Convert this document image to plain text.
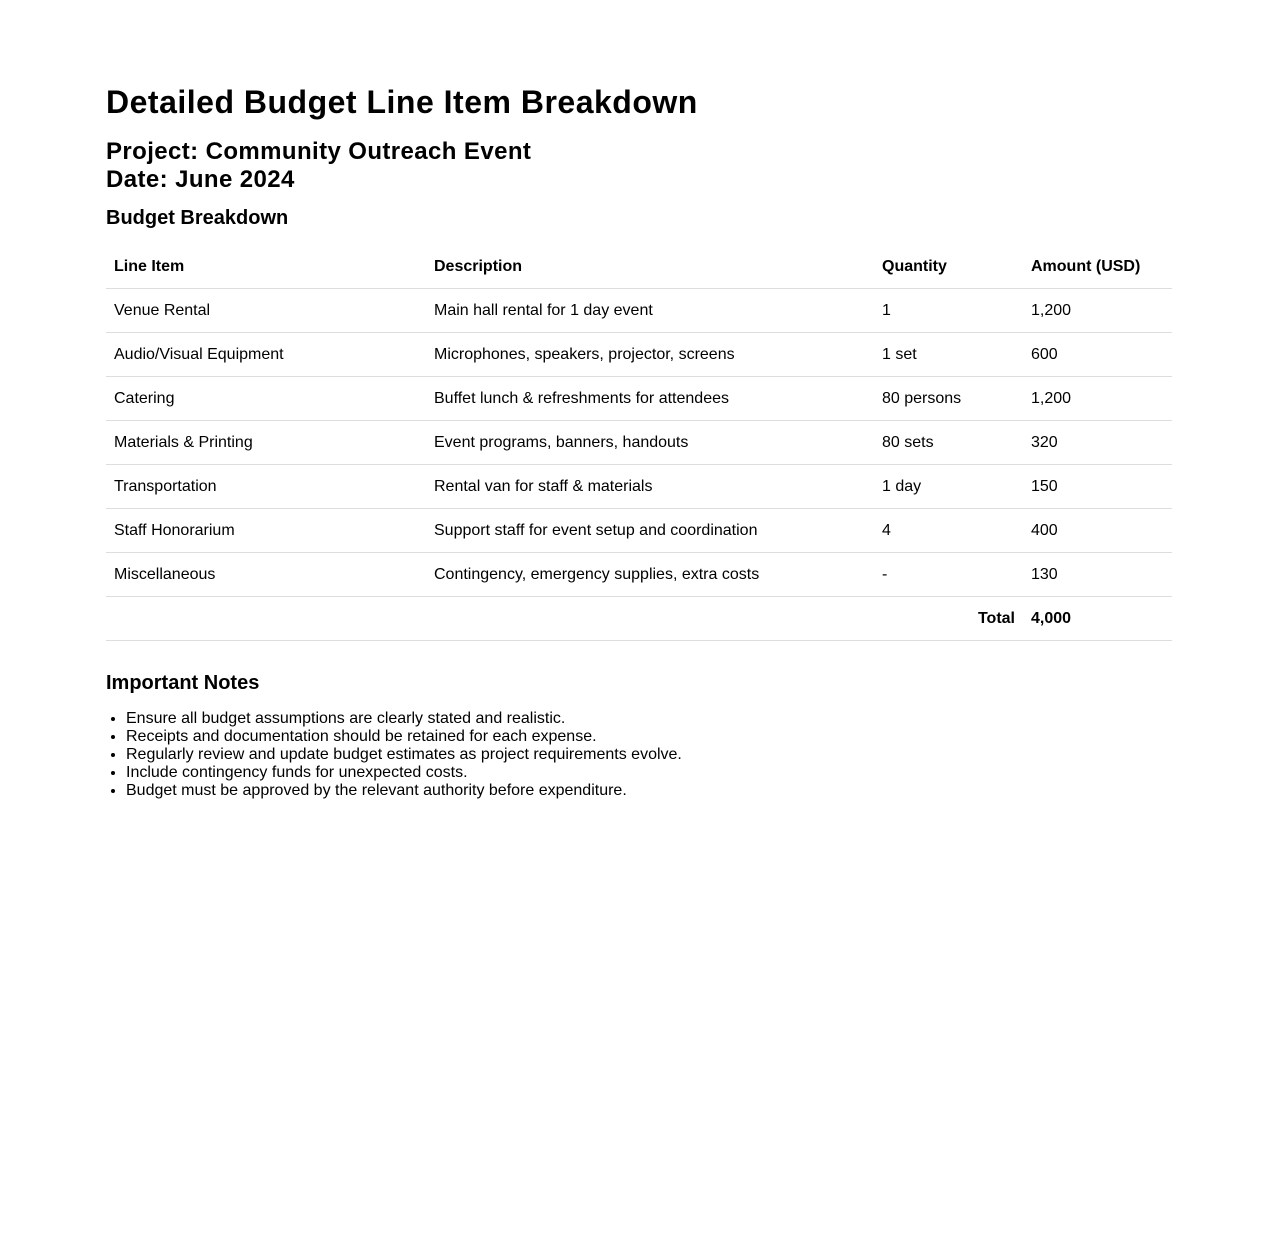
Detailed Budget Line Item Breakdown
Project: Community Outreach Event
Date: June 2024
Budget Breakdown
Line Item	Description	Quantity	Amount (USD)
Venue Rental	Main hall rental for 1 day event	1	1,200
Audio/Visual Equipment	Microphones, speakers, projector, screens	1 set	600
Catering	Buffet lunch & refreshments for attendees	80 persons	1,200
Materials & Printing	Event programs, banners, handouts	80 sets	320
Transportation	Rental van for staff & materials	1 day	150
Staff Honorarium	Support staff for event setup and coordination	4	400
Miscellaneous	Contingency, emergency supplies, extra costs	-	130
Total			4,000
Important Notes
• Ensure all budget assumptions are clearly stated and realistic.
• Receipts and documentation should be retained for each expense.
• Regularly review and update budget estimates as project requirements evolve.
• Include contingency funds for unexpected costs.
• Budget must be approved by the relevant authority before expenditure.
